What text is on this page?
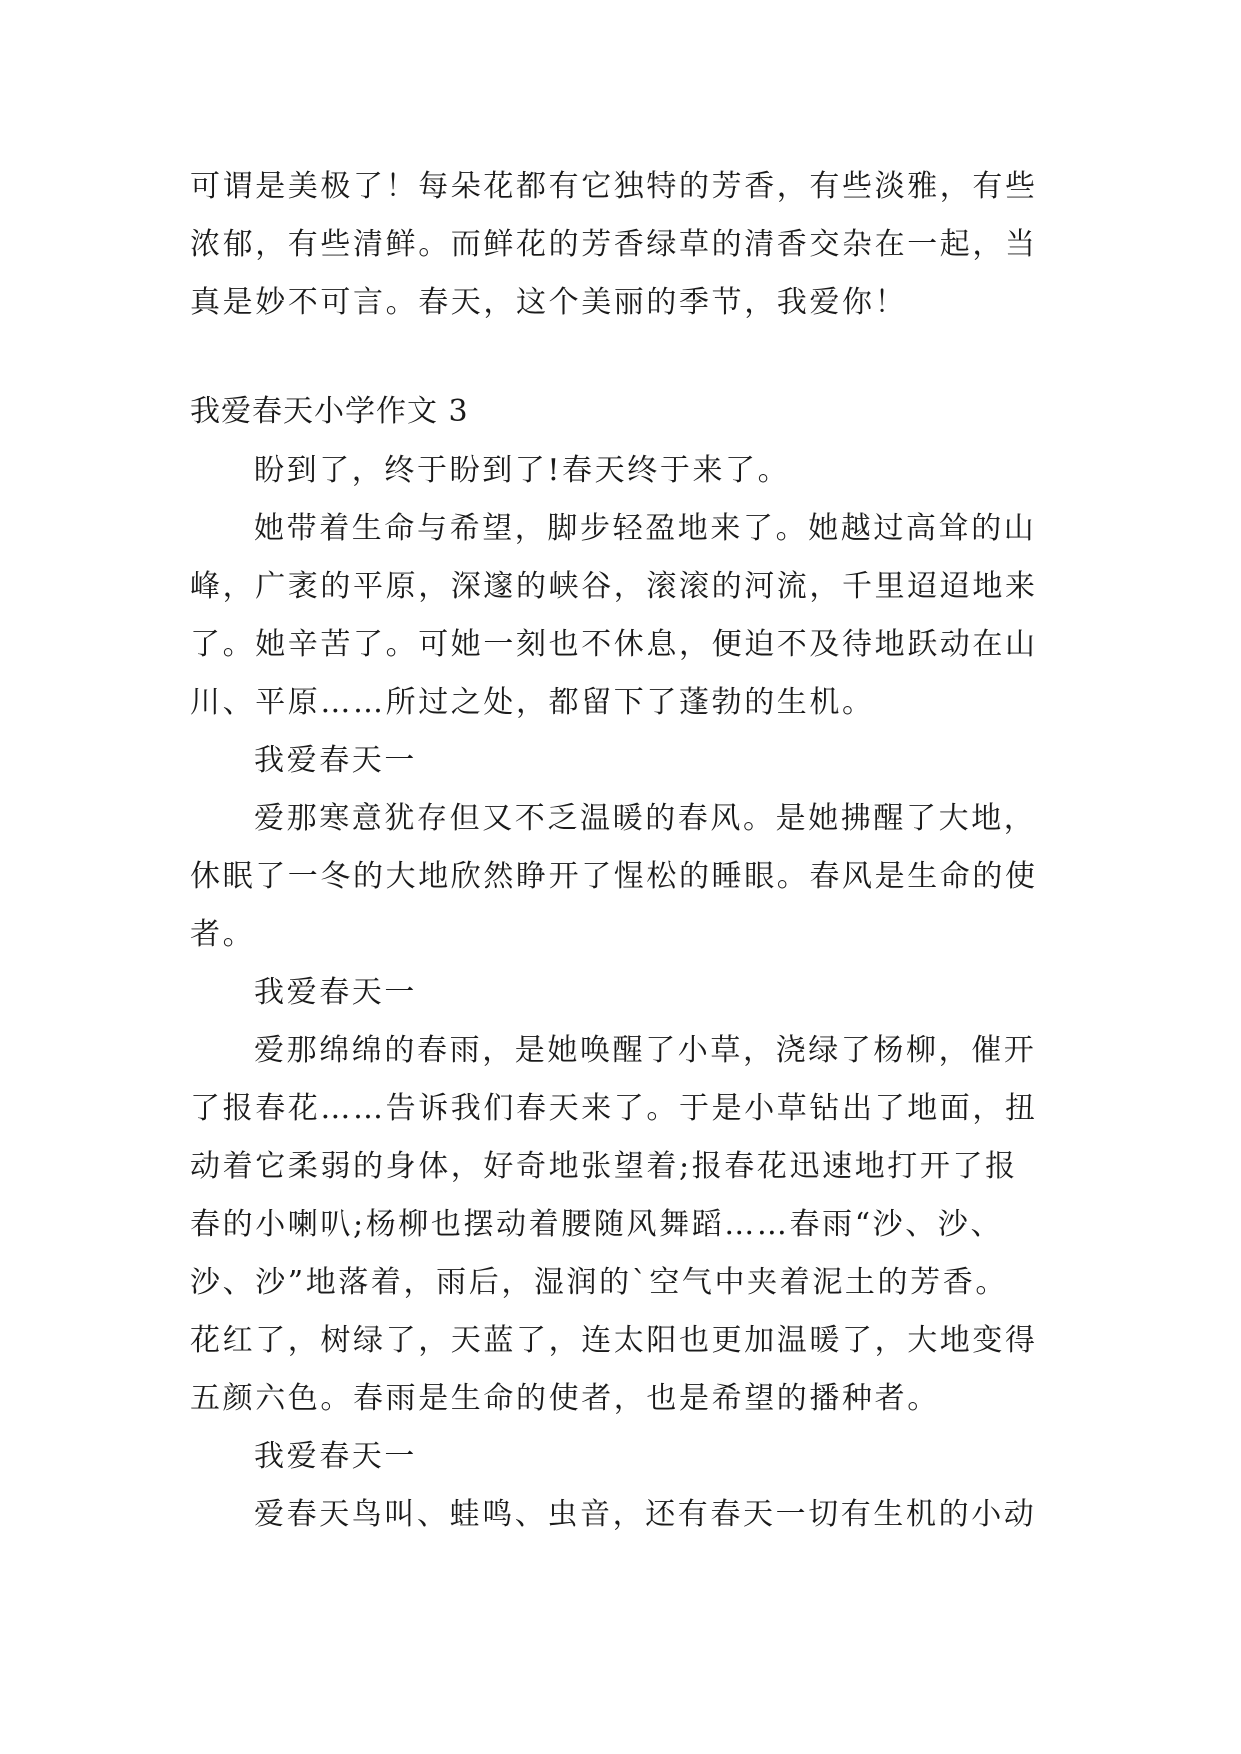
可谓是美极了！每朵花都有它独特的芳香，有些淡雅，有些
浓郁，有些清鲜。而鲜花的芳香绿草的清香交杂在一起，当
真是妙不可言。春天，这个美丽的季节，我爱你！
我爱春天小学作文 3
盼到了，终于盼到了!春天终于来了。
她带着生命与希望，脚步轻盈地来了。她越过高耸的山
峰，广袤的平原，深邃的峡谷，滚滚的河流，千里迢迢地来
了。她辛苦了。可她一刻也不休息，便迫不及待地跃动在山
川、平原……所过之处，都留下了蓬勃的生机。
我爱春天一
爱那寒意犹存但又不乏温暖的春风。是她拂醒了大地，
休眠了一冬的大地欣然睁开了惺松的睡眼。春风是生命的使
者。
我爱春天一
爱那绵绵的春雨，是她唤醒了小草，浇绿了杨柳，催开
了报春花……告诉我们春天来了。于是小草钻出了地面，扭
动着它柔弱的身体，好奇地张望着;报春花迅速地打开了报
春的小喇叭;杨柳也摆动着腰随风舞蹈……春雨“沙、沙、
沙、沙”地落着，雨后，湿润的`空气中夹着泥土的芳香。
花红了，树绿了，天蓝了，连太阳也更加温暖了，大地变得
五颜六色。春雨是生命的使者，也是希望的播种者。
我爱春天一
爱春天鸟叫、蛙鸣、虫音，还有春天一切有生机的小动
